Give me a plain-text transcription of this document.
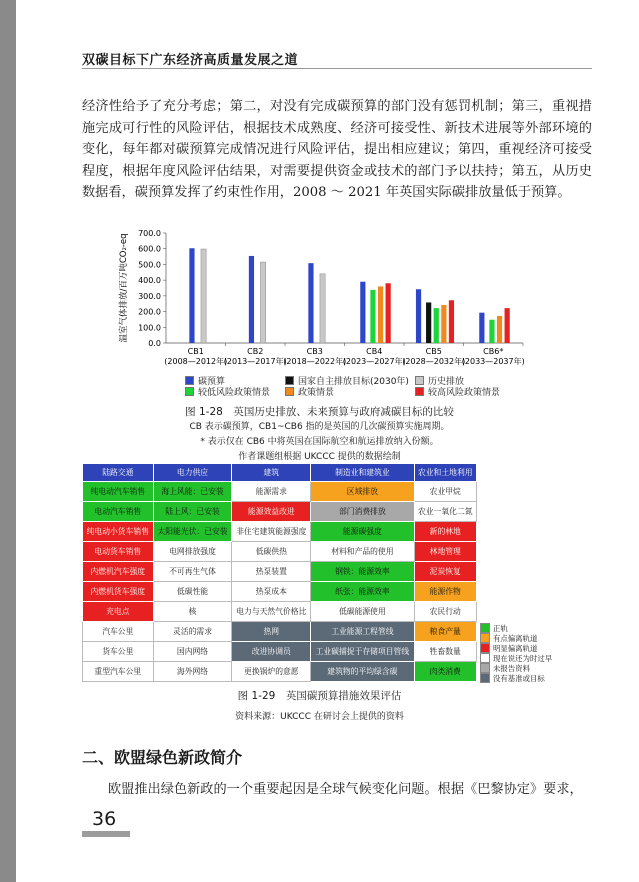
双碳目标下广东经济高质量发展之道

经济性给予了充分考虑；第二，对没有完成碳预算的部门没有惩罚机制；第三，重视措施完成可行性的风险评估，根据技术成熟度、经济可接受性、新技术进展等外部环境的变化，每年都对碳预算完成情况进行风险评估，提出相应建议；第四，重视经济可接受程度，根据年度风险评估结果，对需要提供资金或技术的部门予以扶持；第五，从历史数据看，碳预算发挥了约束性作用，2008 ～ 2021 年英国实际碳排放量低于预算。

温室气体排放/百万吨CO₂-eq
0.0
100.0
200.0
300.0
400.0
500.0
600.0
700.0
CB1
(2008—2012年)
CB2
(2013—2017年)
CB3
(2018—2022年)
CB4
(2023—2027年)
CB5
(2028—2032年)
CB6*
(2033—2037年)
碳预算	国家自主排放目标(2030年) 历史排放
较低风险政策情景	政策情景	较高风险政策情景
图 1-28　英国历史排放、未来预算与政府减碳目标的比较
CB 表示碳预算，CB1~CB6 指的是英国的几次碳预算实施周期。
* 表示仅在 CB6 中将英国在国际航空和航运排放纳入份额。
作者课题组根据 UKCCC 提供的数据绘制
陆路交通	电力供应	建筑	制造业和建筑业	农业和土地利用
纯电动汽车销售	海上风能：已安装	能源需求	区域排放	农业甲烷
电动汽车销售	陆上风：已安装	能源效益改进	部门消费排放	农业一氧化二氮
纯电动小货车销售	太阳能光伏：已安装	非住宅建筑能源强度	能源碳强度	新的林地
电动货车销售	电网排放强度	低碳供热	材料和产品的使用	林地管理
内燃机汽车强度	不可再生气体	热泵装置	钢铁：能源效率	泥炭恢复
内燃机货车强度	低碳性能	热泵成本	纸张：能源效率	能源作物
充电点	核	电力与天然气价格比	低碳能源使用	农民行动
汽车公里	灵活的需求	热网	工业能源工程管线	粮食产量
货车公里	国内网络	改进协调员	工业碳捕捉于存储项目管线	牲畜数量
重型汽车公里	海外网络	更换锅炉的意愿	建筑物的平均绿含碳	肉类消费
正轨
有点偏离轨道
明显偏离轨道
现在说还为时过早
未报告资料
没有基准或目标
图 1-29　英国碳预算措施效果评估
资料来源：UKCCC 在研讨会上提供的资料
二、欧盟绿色新政简介
欧盟推出绿色新政的一个重要起因是全球气候变化问题。根据《巴黎协定》要求，
36
